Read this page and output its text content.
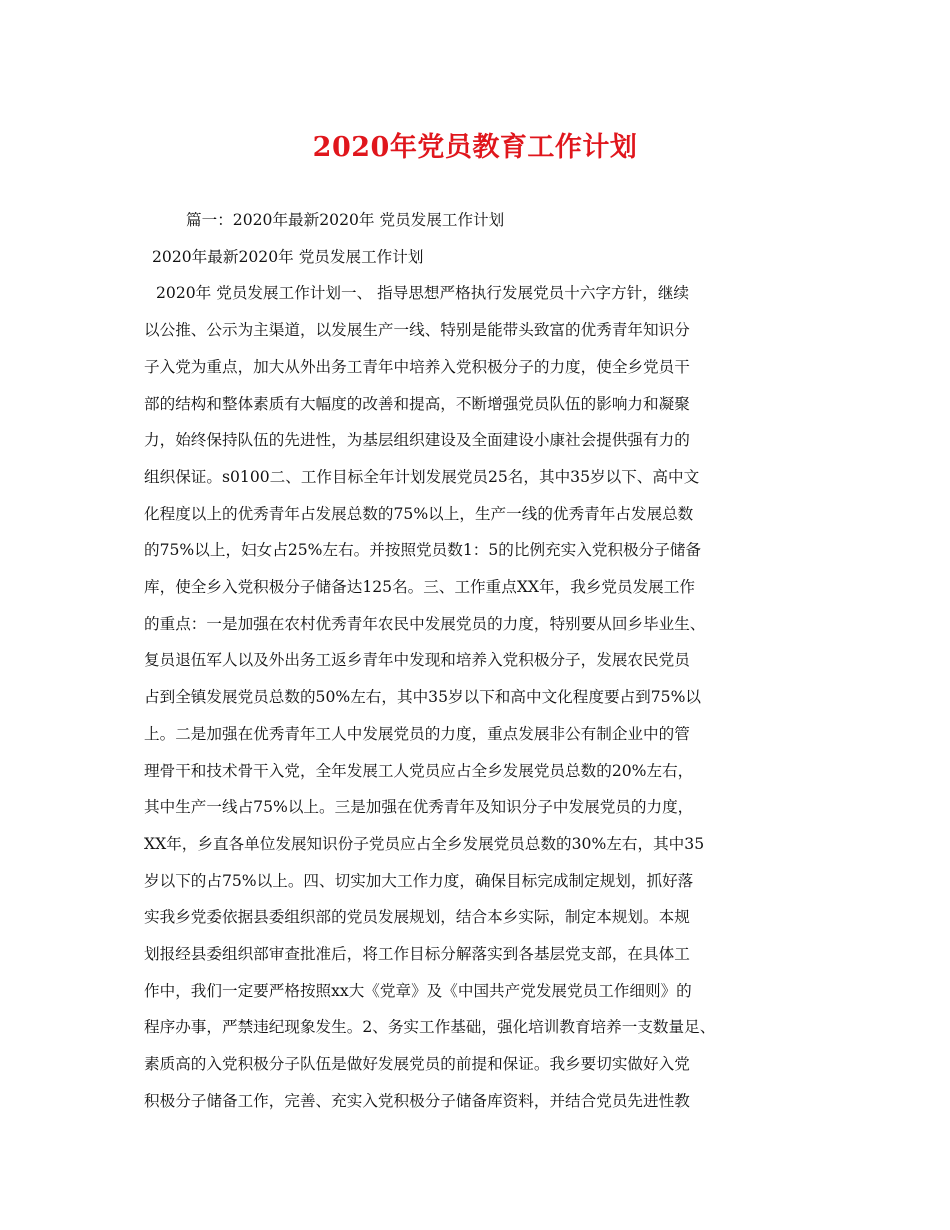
2020年党员教育工作计划
篇一：2020年最新2020年 党员发展工作计划
2020年最新2020年 党员发展工作计划
2020年 党员发展工作计划一、 指导思想严格执行发展党员十六字方针，继续
以公推、公示为主渠道，以发展生产一线、特别是能带头致富的优秀青年知识分
子入党为重点，加大从外出务工青年中培养入党积极分子的力度，使全乡党员干
部的结构和整体素质有大幅度的改善和提高，不断增强党员队伍的影响力和凝聚
力，始终保持队伍的先进性，为基层组织建设及全面建设小康社会提供强有力的
组织保证。s0100二、工作目标全年计划发展党员25名，其中35岁以下、高中文
化程度以上的优秀青年占发展总数的75%以上，生产一线的优秀青年占发展总数
的75%以上，妇女占25%左右。并按照党员数1：5的比例充实入党积极分子储备
库，使全乡入党积极分子储备达125名。三、工作重点XX年，我乡党员发展工作
的重点：一是加强在农村优秀青年农民中发展党员的力度，特别要从回乡毕业生、
复员退伍军人以及外出务工返乡青年中发现和培养入党积极分子，发展农民党员
占到全镇发展党员总数的50%左右，其中35岁以下和高中文化程度要占到75%以
上。二是加强在优秀青年工人中发展党员的力度，重点发展非公有制企业中的管
理骨干和技术骨干入党，全年发展工人党员应占全乡发展党员总数的20%左右，
其中生产一线占75%以上。三是加强在优秀青年及知识分子中发展党员的力度，
XX年，乡直各单位发展知识份子党员应占全乡发展党员总数的30%左右，其中35
岁以下的占75%以上。四、切实加大工作力度，确保目标完成制定规划，抓好落
实我乡党委依据县委组织部的党员发展规划，结合本乡实际，制定本规划。本规
划报经县委组织部审查批准后，将工作目标分解落实到各基层党支部，在具体工
作中，我们一定要严格按照xx大《党章》及《中国共产党发展党员工作细则》的
程序办事，严禁违纪现象发生。2、务实工作基础，强化培训教育培养一支数量足、
素质高的入党积极分子队伍是做好发展党员的前提和保证。我乡要切实做好入党
积极分子储备工作，完善、充实入党积极分子储备库资料，并结合党员先进性教
